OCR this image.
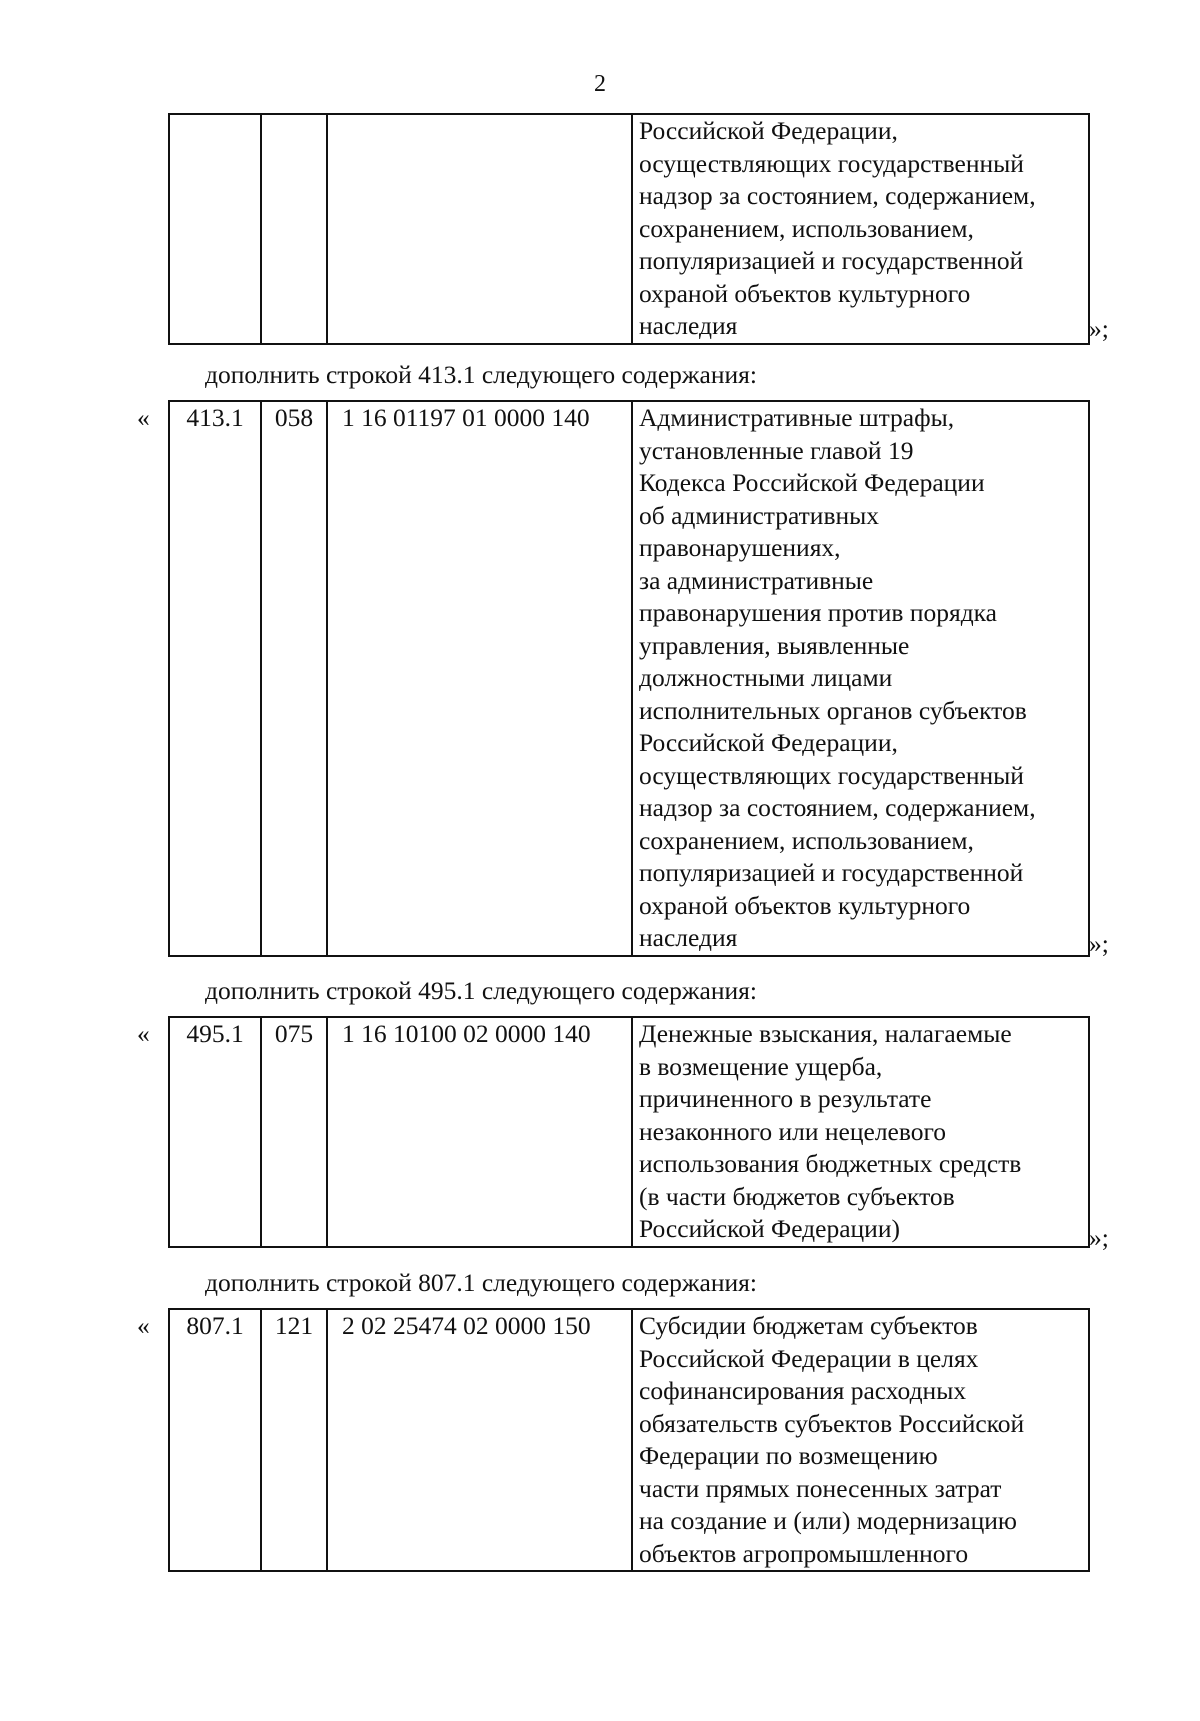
2

Российской Федерации,
осуществляющих государственный
надзор за состоянием, содержанием,
сохранением, использованием,
популяризацией и государственной
охраной объектов культурного
наследия	»;
дополнить строкой 413.1 следующего содержания:
« 413.1	058	1 16 01197 01 0000 140	Административные штрафы,
установленные главой 19
Кодекса Российской Федерации
об административных
правонарушениях,
за административные
правонарушения против порядка
управления, выявленные
должностными лицами
исполнительных органов субъектов
Российской Федерации,
осуществляющих государственный
надзор за состоянием, содержанием,
сохранением, использованием,
популяризацией и государственной
охраной объектов культурного
наследия	»;
дополнить строкой 495.1 следующего содержания:
« 495.1	075	1 16 10100 02 0000 140	Денежные взыскания, налагаемые
в возмещение ущерба,
причиненного в результате
незаконного или нецелевого
использования бюджетных средств
(в части бюджетов субъектов
Российской Федерации)	»;
дополнить строкой 807.1 следующего содержания:
« 807.1	121	2 02 25474 02 0000 150	Субсидии бюджетам субъектов
Российской Федерации в целях
софинансирования расходных
обязательств субъектов Российской
Федерации по возмещению
части прямых понесенных затрат
на создание и (или) модернизацию
объектов агропромышленного
